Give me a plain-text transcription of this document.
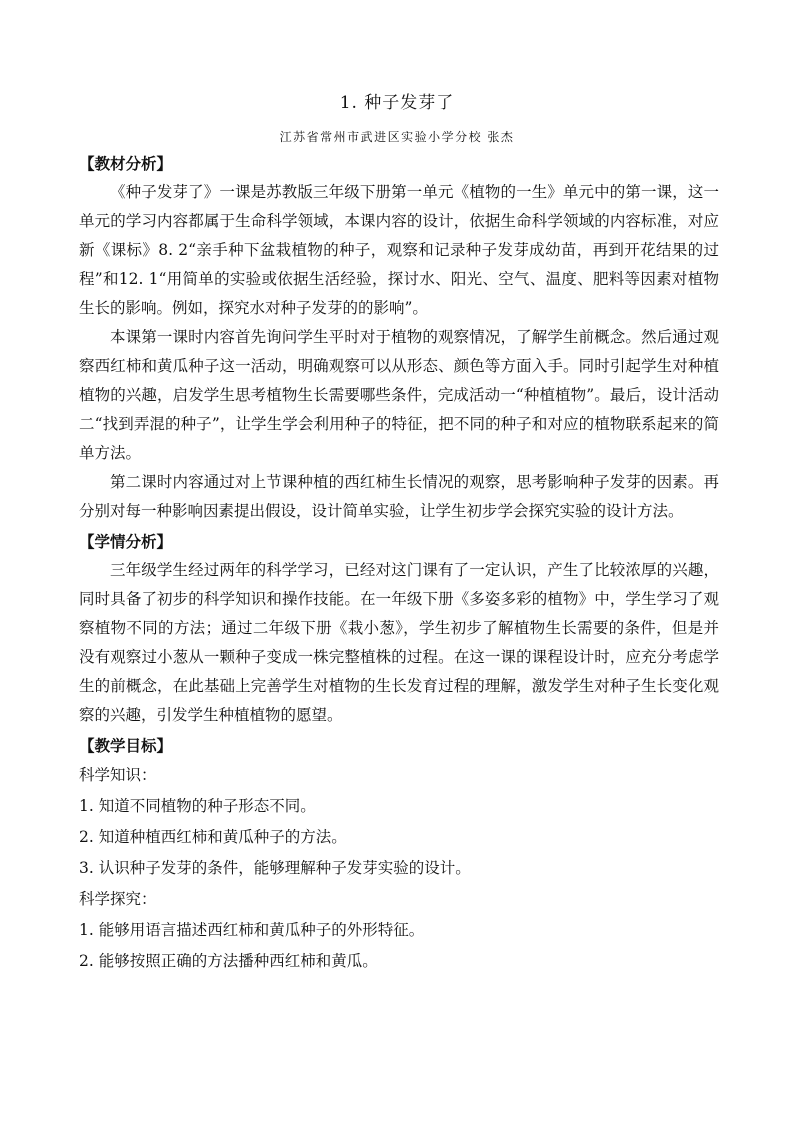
1. 种子发芽了
江苏省常州市武进区实验小学分校 张杰

【教材分析】

《种子发芽了》一课是苏教版三年级下册第一单元《植物的一生》单元中的第一课，这一单元的学习内容都属于生命科学领域，本课内容的设计，依据生命科学领域的内容标准，对应新《课标》8. 2“亲手种下盆栽植物的种子，观察和记录种子发芽成幼苗，再到开花结果的过程”和12. 1“用简单的实验或依据生活经验，探讨水、阳光、空气、温度、肥料等因素对植物生长的影响。例如，探究水对种子发芽的的影响”。

本课第一课时内容首先询问学生平时对于植物的观察情况，了解学生前概念。然后通过观察西红柿和黄瓜种子这一活动，明确观察可以从形态、颜色等方面入手。同时引起学生对种植植物的兴趣，启发学生思考植物生长需要哪些条件，完成活动一“种植植物”。最后，设计活动二“找到弄混的种子”，让学生学会利用种子的特征，把不同的种子和对应的植物联系起来的简单方法。

第二课时内容通过对上节课种植的西红柿生长情况的观察，思考影响种子发芽的因素。再分别对每一种影响因素提出假设，设计简单实验，让学生初步学会探究实验的设计方法。

【学情分析】

三年级学生经过两年的科学学习，已经对这门课有了一定认识，产生了比较浓厚的兴趣，同时具备了初步的科学知识和操作技能。在一年级下册《多姿多彩的植物》中，学生学习了观察植物不同的方法；通过二年级下册《栽小葱》，学生初步了解植物生长需要的条件，但是并没有观察过小葱从一颗种子变成一株完整植株的过程。在这一课的课程设计时，应充分考虑学生的前概念，在此基础上完善学生对植物的生长发育过程的理解，激发学生对种子生长变化观察的兴趣，引发学生种植植物的愿望。

【教学目标】

科学知识：

1. 知道不同植物的种子形态不同。

2. 知道种植西红柿和黄瓜种子的方法。

3. 认识种子发芽的条件，能够理解种子发芽实验的设计。

科学探究：

1. 能够用语言描述西红柿和黄瓜种子的外形特征。

2. 能够按照正确的方法播种西红柿和黄瓜。
